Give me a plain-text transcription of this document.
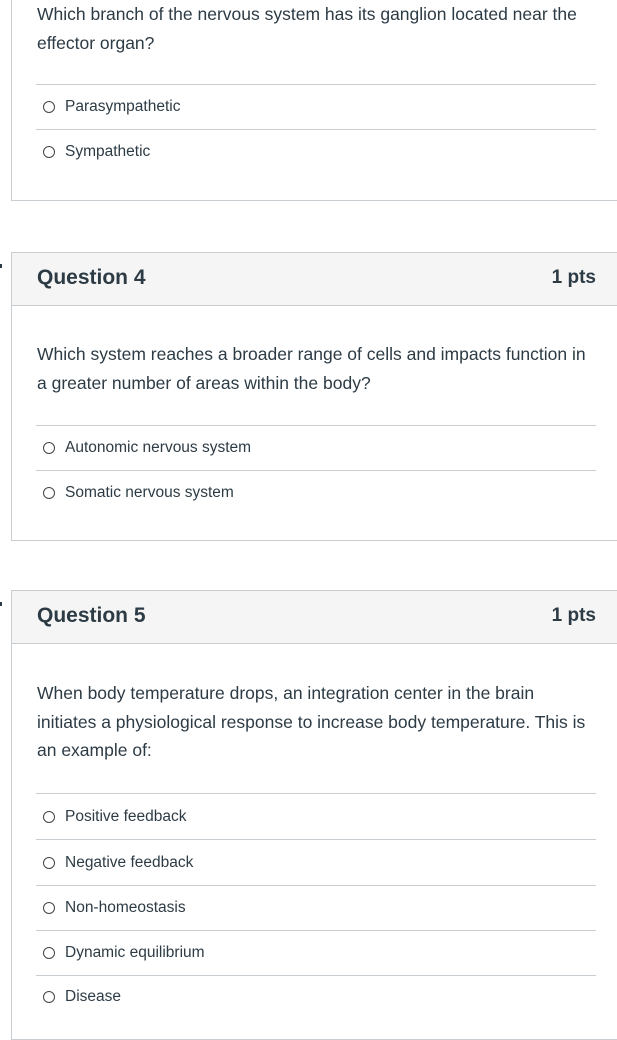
Which branch of the nervous system has its ganglion located near the effector organ?
Parasympathetic
Sympathetic
Question 4	1 pts
Which system reaches a broader range of cells and impacts function in a greater number of areas within the body?
Autonomic nervous system
Somatic nervous system
Question 5	1 pts
When body temperature drops, an integration center in the brain initiates a physiological response to increase body temperature. This is an example of:
Positive feedback
Negative feedback
Non-homeostasis
Dynamic equilibrium
Disease
